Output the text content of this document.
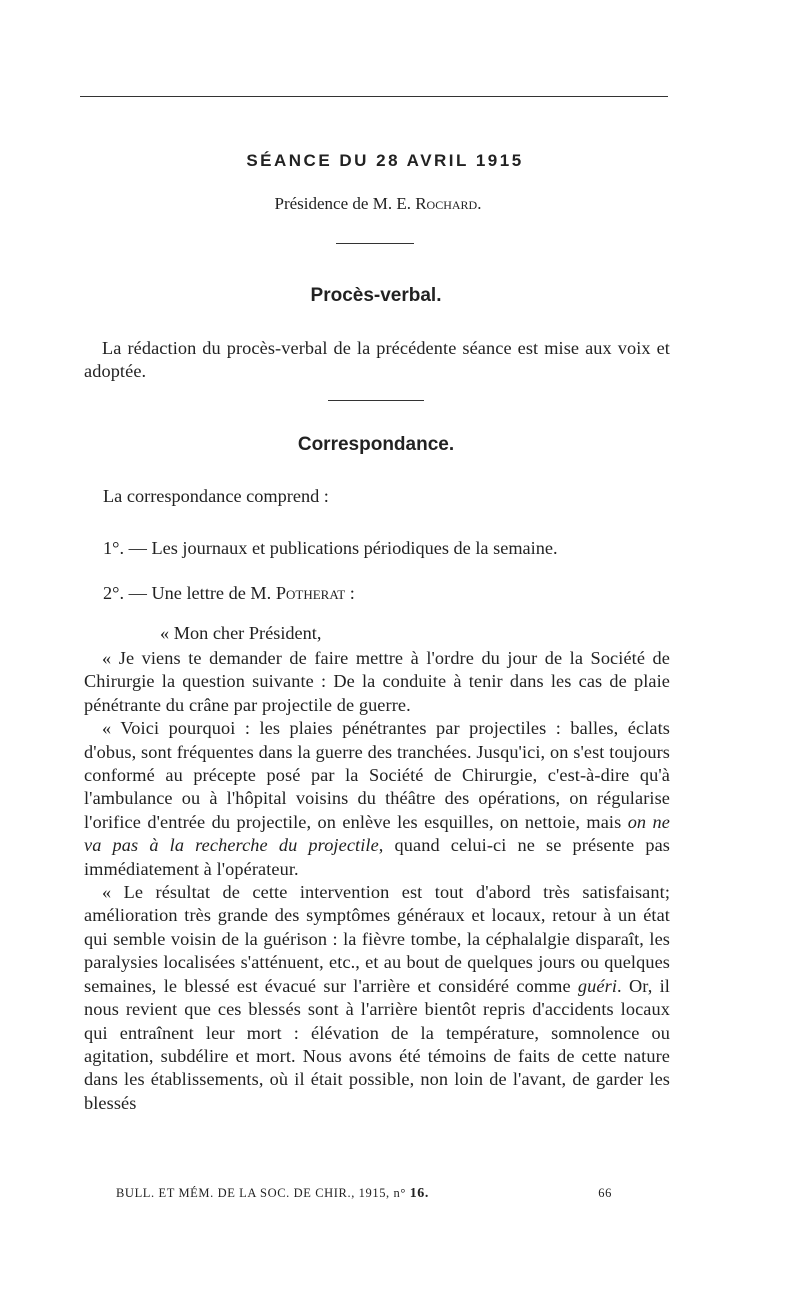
SÉANCE DU 28 AVRIL 1915
Présidence de M. E. Rochard.
Procès-verbal.

La rédaction du procès-verbal de la précédente séance est mise aux voix et adoptée.

Correspondance.
La correspondance comprend :
1°. — Les journaux et publications périodiques de la semaine.
2°. — Une lettre de M. Potherat :
« Mon cher Président,

« Je viens te demander de faire mettre à l'ordre du jour de la Société de Chirurgie la question suivante : De la conduite à tenir dans les cas de plaie pénétrante du crâne par projectile de guerre.

« Voici pourquoi : les plaies pénétrantes par projectiles : balles, éclats d'obus, sont fréquentes dans la guerre des tranchées. Jusqu'ici, on s'est toujours conformé au précepte posé par la Société de Chirurgie, c'est-à-dire qu'à l'ambulance ou à l'hôpital voisins du théâtre des opérations, on régularise l'orifice d'entrée du projectile, on enlève les esquilles, on nettoie, mais on ne va pas à la recherche du projectile, quand celui-ci ne se présente pas immédiatement à l'opérateur.

« Le résultat de cette intervention est tout d'abord très satisfaisant; amélioration très grande des symptômes généraux et locaux, retour à un état qui semble voisin de la guérison : la fièvre tombe, la céphalalgie disparaît, les paralysies localisées s'atténuent, etc., et au bout de quelques jours ou quelques semaines, le blessé est évacué sur l'arrière et considéré comme guéri. Or, il nous revient que ces blessés sont à l'arrière bientôt repris d'accidents locaux qui entraînent leur mort : élévation de la température, somnolence ou agitation, subdélire et mort. Nous avons été témoins de faits de cette nature dans les établissements, où il était possible, non loin de l'avant, de garder les blessés

BULL. ET MÉM. DE LA SOC. DE CHIR., 1915, n° 16.	66
